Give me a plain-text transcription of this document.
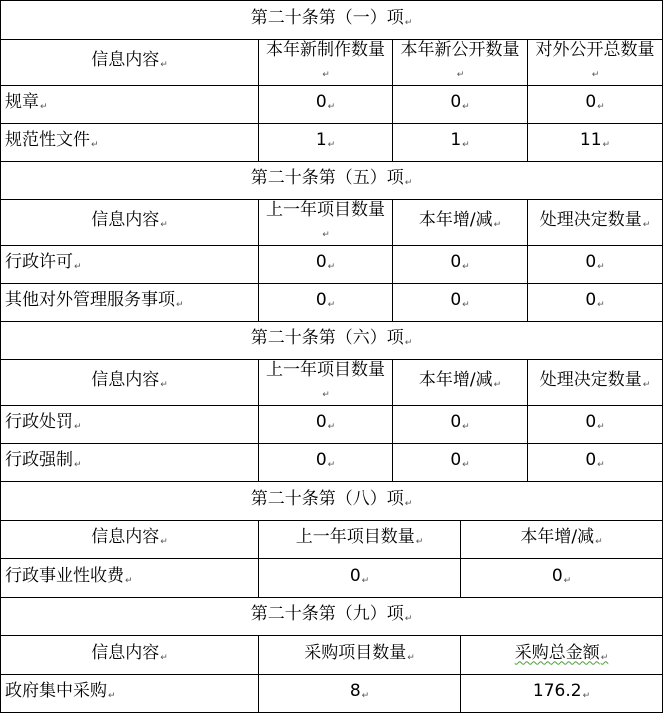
第二十条第（一）项 ↵
信息内容 ↵	本年新制作数量 ↵	本年新公开数量 ↵		对外公开总数量 ↵
规章 ↵	0 ↵	0 ↵		0 ↵
规范性文件 ↵	1 ↵	1 ↵		11 ↵
第二十条第（五）项 ↵
信息内容 ↵	上一年项目数量 ↵	本年增/减 ↵		处理决定数量 ↵
行政许可 ↵	0 ↵	0 ↵		0 ↵
其他对外管理服务事项 ↵	0 ↵	0 ↵		0 ↵
第二十条第（六）项 ↵
信息内容 ↵	上一年项目数量 ↵	本年增/减 ↵		处理决定数量 ↵
行政处罚 ↵	0 ↵	0 ↵		0 ↵
行政强制 ↵	0 ↵	0 ↵		0 ↵
第二十条第（八）项 ↵
信息内容 ↵	上一年项目数量 ↵		本年增/减 ↵
行政事业性收费 ↵	0 ↵		0 ↵
第二十条第（九）项 ↵
信息内容 ↵	采购项目数量 ↵		采购总金额 ↵
政府集中采购 ↵	8 ↵		176.2 ↵
